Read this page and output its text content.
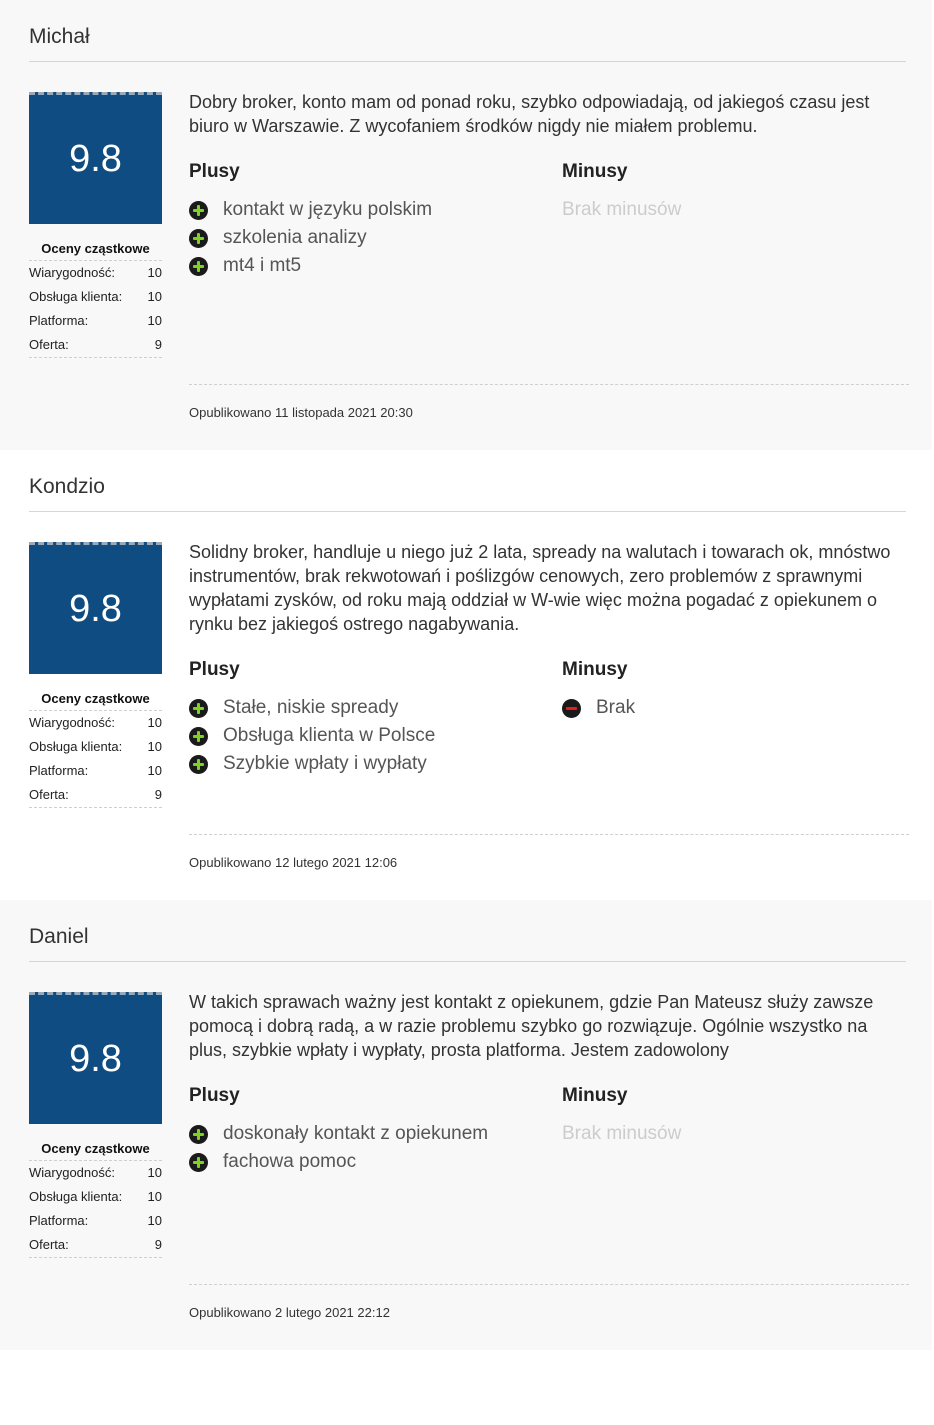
Michał
9.8
Oceny cząstkowe
Wiarygodność:	10
Obsługa klienta: 10
Platforma:	10
Oferta:	9

Dobry broker, konto mam od ponad roku, szybko odpowiadają, od jakiegoś czasu jest biuro w Warszawie. Z wycofaniem środków nigdy nie miałem problemu.

Plusy
kontakt w języku polskim
szkolenia analizy
mt4 i mt5
Minusy
Brak minusów
Opublikowano 11 listopada 2021 20:30
Kondzio
9.8
Oceny cząstkowe
Wiarygodność:	10
Obsługa klienta: 10
Platforma:	10
Oferta:	9

Solidny broker, handluje u niego już 2 lata, spready na walutach i towarach ok, mnóstwo instrumentów, brak rekwotowań i poślizgów cenowych, zero problemów z sprawnymi wypłatami zysków, od roku mają oddział w W-wie więc można pogadać z opiekunem o rynku bez jakiegoś ostrego nagabywania.

Plusy
Stałe, niskie spready
Obsługa klienta w Polsce
Szybkie wpłaty i wypłaty
Minusy
Brak
Opublikowano 12 lutego 2021 12:06
Daniel
9.8
Oceny cząstkowe
Wiarygodność:	10
Obsługa klienta: 10
Platforma:	10
Oferta:	9

W takich sprawach ważny jest kontakt z opiekunem, gdzie Pan Mateusz służy zawsze pomocą i dobrą radą, a w razie problemu szybko go rozwiązuje. Ogólnie wszystko na plus, szybkie wpłaty i wypłaty, prosta platforma. Jestem zadowolony

Plusy
doskonały kontakt z opiekunem
fachowa pomoc
Minusy
Brak minusów
Opublikowano 2 lutego 2021 22:12
